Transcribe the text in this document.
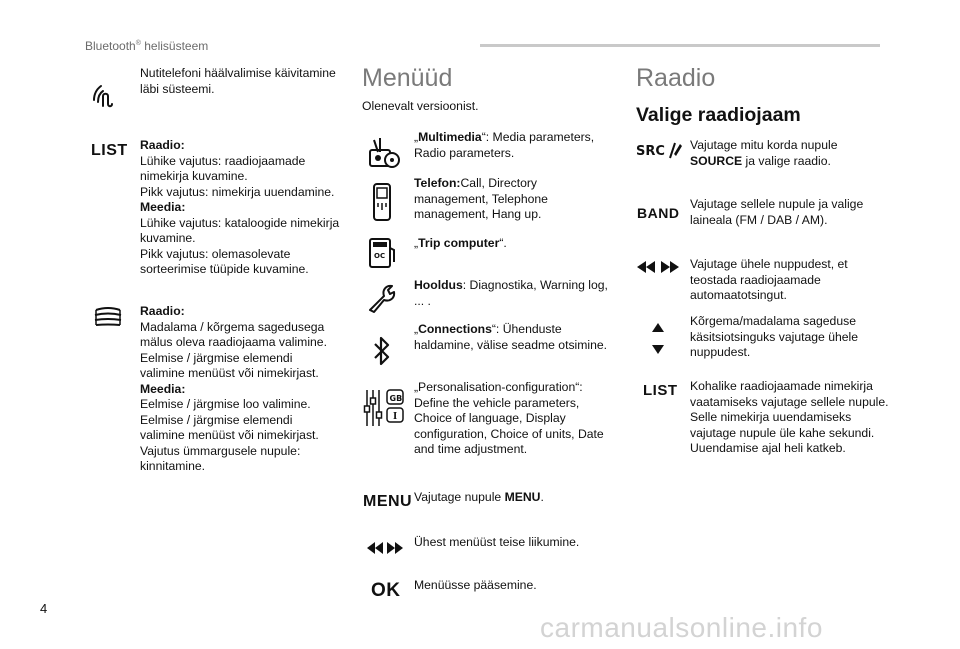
Bluetooth® helisüsteem
Nutitelefoni häälvalimise käivitamine läbi süsteemi.
LIST Raadio:
Lühike vajutus: raadiojaamade nimekirja kuvamine.
Pikk vajutus: nimekirja uuendamine.
Meedia:
Lühike vajutus: kataloogide nimekirja kuvamine.
Pikk vajutus: olemasolevate sorteerimise tüüpide kuvamine.
Raadio:
Madalama / kõrgema sagedusega mälus oleva raadiojaama valimine.
Eelmise / järgmise elemendi valimine menüüst või nimekirjast.
Meedia:
Eelmise / järgmise loo valimine.
Eelmise / järgmise elemendi valimine menüüst või nimekirjast.
Vajutus ümmargusele nupule: kinnitamine.
Menüüd
Olenevalt versioonist.
„Multimedia“: Media parameters, Radio parameters.
Telefon:Call, Directory management, Telephone management, Hang up.
OC
„Trip computer“.
Hooldus: Diagnostika, Warning log, ... .
„Connections“: Ühenduste haldamine, välise seadme otsimine.
GB
I
„Personalisation-configuration“: Define the vehicle parameters, Choice of language, Display configuration, Choice of units, Date and time adjustment.
MENU Vajutage nupule MENU.
Ühest menüüst teise liikumine.
OK Menüüsse pääsemine.
Raadio
Valige raadiojaam
SRC Vajutage mitu korda nupule SOURCE ja valige raadio.
BAND
Vajutage sellele nupule ja valige laineala (FM / DAB / AM).
Vajutage ühele nuppudest, et teostada raadiojaamade automaatotsingut.
Kõrgema/madalama sageduse käsitsiotsinguks vajutage ühele nuppudest.
LIST Kohalike raadiojaamade nimekirja vaatamiseks vajutage sellele nupule. Selle nimekirja uuendamiseks vajutage nupule üle kahe sekundi. Uuendamise ajal heli katkeb.
4
carmanualsonline.info
